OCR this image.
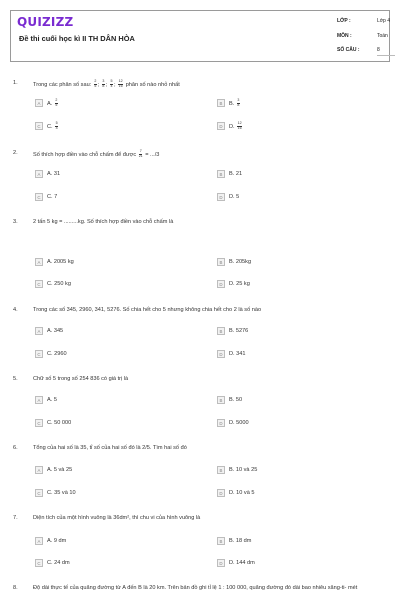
QUIZIZZ
Đề thi cuối học kì II TH DÂN HÒA
LỚP :	Lớp 4
MÔN :	Toán
SỐ CÂU :	8
1.	Trong các phân số sau: $\frac{2}{5}$ ; $\frac{3}{8}$ ; $\frac{5}{4}$ ; $\frac{12}{16}$ phân số nào nhỏ nhất
A	A. $\frac{2}{5}$	B	B. $\frac{3}{8}$
C	C. $\frac{5}{4}$	D	D. $\frac{12}{16}$
2.	Số thích hợp điền vào chỗ chấm để được $\frac{7}{21} = .../3$
A	A. 31	B	B. 21
C	C. 7	D	D. 5
3.	2 tấn 5 kg = .........kg. Số thích hợp điền vào chỗ chấm là
A	A. 2005 kg	B	B. 205kg
C	C. 250 kg	D	D. 25 kg
4.	Trong các số 345, 2960, 341, 5276. Số chia hết cho 5 nhưng không chia hết cho 2 là số nào
A	A. 345	B	B. 5276
C	C. 2960	D	D. 341
5.	Chữ số 5 trong số 254 836 có giá trị là
A	A. 5	B	B. 50
C	C. 50 000	D	D. 5000
6.	Tổng của hai số là 35, tỉ số của hai số đó là 2/5. Tìm hai số đó
A	A. 5 và 25	B	B. 10 và 25
C	C. 35 và 10	D	D. 10 và 5
7.	Diện tích của một hình vuông là 36dm², thì chu vi của hình vuông là
A	A. 9 dm	B	B. 18 dm
C	C. 24 dm	D	D. 144 dm
8.	Độ dài thực tế của quãng đường từ A đến B là 20 km. Trên bản đồ ghi tỉ lệ 1 : 100 000, quãng đường đó dài bao nhiêu xăng-ti- mét
